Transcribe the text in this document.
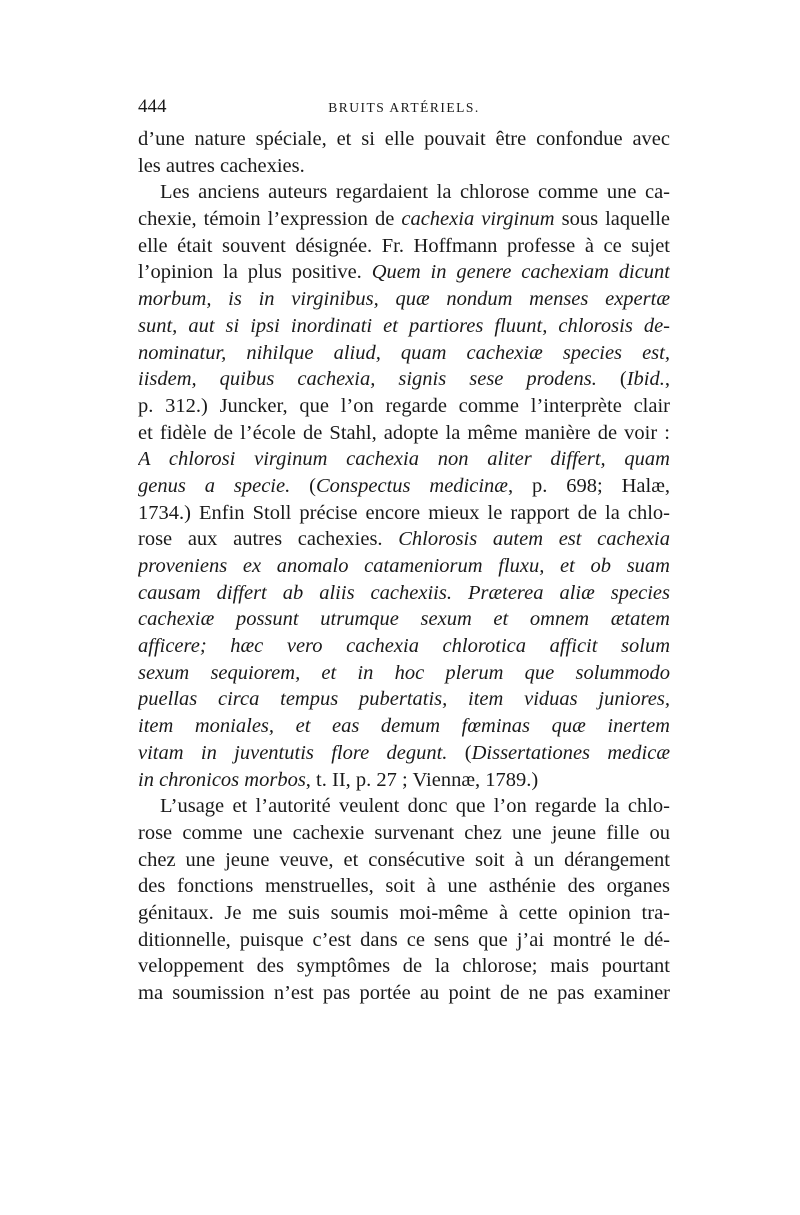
444	BRUITS ARTÉRIELS.
d’une nature spéciale, et si elle pouvait être confondue avec
les autres cachexies.
Les anciens auteurs regardaient la chlorose comme une ca-
chexie, témoin l’expression de cachexia virginum sous laquelle
elle était souvent désignée. Fr. Hoffmann professe à ce sujet
l’opinion la plus positive. Quem in genere cachexiam dicunt
morbum, is in virginibus, quæ nondum menses expertæ
sunt, aut si ipsi inordinati et partiores fluunt, chlorosis de-
nominatur, nihilque aliud, quam cachexiæ species est,
iisdem, quibus cachexia, signis sese prodens. (Ibid.,
p. 312.) Juncker, que l’on regarde comme l’interprète clair
et fidèle de l’école de Stahl, adopte la même manière de voir :
A chlorosi virginum cachexia non aliter differt, quam
genus a specie. (Conspectus medicinæ, p. 698; Halæ,
1734.) Enfin Stoll précise encore mieux le rapport de la chlo-
rose aux autres cachexies. Chlorosis autem est cachexia
proveniens ex anomalo catameniorum fluxu, et ob suam
causam differt ab aliis cachexiis. Præterea aliæ species
cachexiæ possunt utrumque sexum et omnem ætatem
afficere; hæc vero cachexia chlorotica afficit solum
sexum sequiorem, et in hoc plerum que solummodo
puellas circa tempus pubertatis, item viduas juniores,
item moniales, et eas demum fœminas quæ inertem
vitam in juventutis flore degunt. (Dissertationes medicæ
in chronicos morbos, t. II, p. 27 ; Viennæ, 1789.)
L’usage et l’autorité veulent donc que l’on regarde la chlo-
rose comme une cachexie survenant chez une jeune fille ou
chez une jeune veuve, et consécutive soit à un dérangement
des fonctions menstruelles, soit à une asthénie des organes
génitaux. Je me suis soumis moi-même à cette opinion tra-
ditionnelle, puisque c’est dans ce sens que j’ai montré le dé-
veloppement des symptômes de la chlorose; mais pourtant
ma soumission n’est pas portée au point de ne pas examiner
